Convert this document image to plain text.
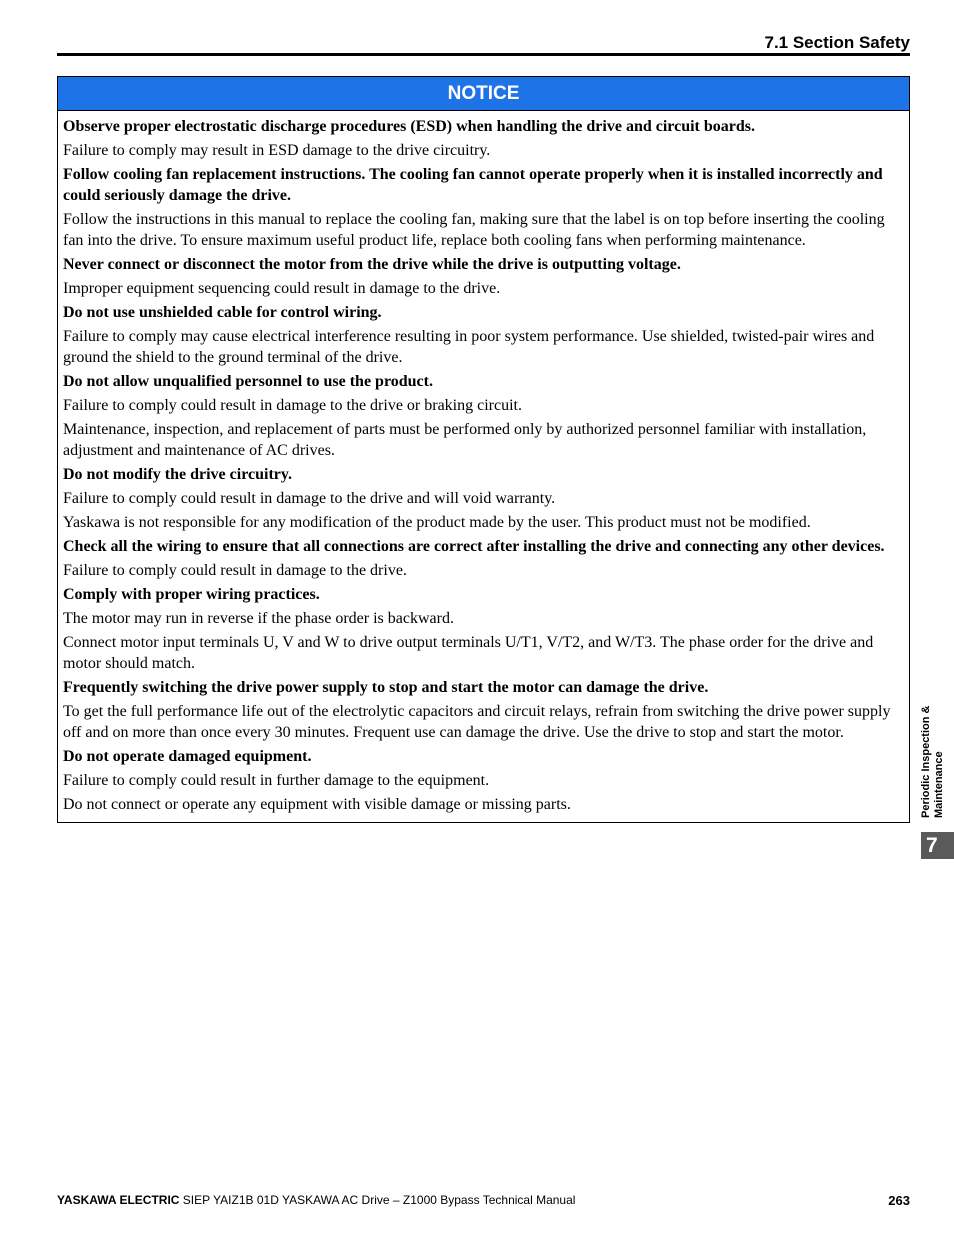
7.1 Section Safety
NOTICE

Observe proper electrostatic discharge procedures (ESD) when handling the drive and circuit boards.

Failure to comply may result in ESD damage to the drive circuitry.

Follow cooling fan replacement instructions. The cooling fan cannot operate properly when it is installed incorrectly and could seriously damage the drive.

Follow the instructions in this manual to replace the cooling fan, making sure that the label is on top before inserting the cooling fan into the drive. To ensure maximum useful product life, replace both cooling fans when performing maintenance.

Never connect or disconnect the motor from the drive while the drive is outputting voltage.

Improper equipment sequencing could result in damage to the drive.

Do not use unshielded cable for control wiring.

Failure to comply may cause electrical interference resulting in poor system performance. Use shielded, twisted-pair wires and ground the shield to the ground terminal of the drive.

Do not allow unqualified personnel to use the product.

Failure to comply could result in damage to the drive or braking circuit.

Maintenance, inspection, and replacement of parts must be performed only by authorized personnel familiar with installation, adjustment and maintenance of AC drives.

Do not modify the drive circuitry.

Failure to comply could result in damage to the drive and will void warranty.

Yaskawa is not responsible for any modification of the product made by the user. This product must not be modified.

Check all the wiring to ensure that all connections are correct after installing the drive and connecting any other devices.

Failure to comply could result in damage to the drive.

Comply with proper wiring practices.

The motor may run in reverse if the phase order is backward.

Connect motor input terminals U, V and W to drive output terminals U/T1, V/T2, and W/T3. The phase order for the drive and motor should match.

Frequently switching the drive power supply to stop and start the motor can damage the drive.

To get the full performance life out of the electrolytic capacitors and circuit relays, refrain from switching the drive power supply off and on more than once every 30 minutes. Frequent use can damage the drive. Use the drive to stop and start the motor.

Do not operate damaged equipment.

Failure to comply could result in further damage to the equipment.

Do not connect or operate any equipment with visible damage or missing parts.	Periodic Inspection & Maintenance
7
YASKAWA ELECTRIC SIEP YAIZ1B 01D YASKAWA AC Drive – Z1000 Bypass Technical Manual	263
